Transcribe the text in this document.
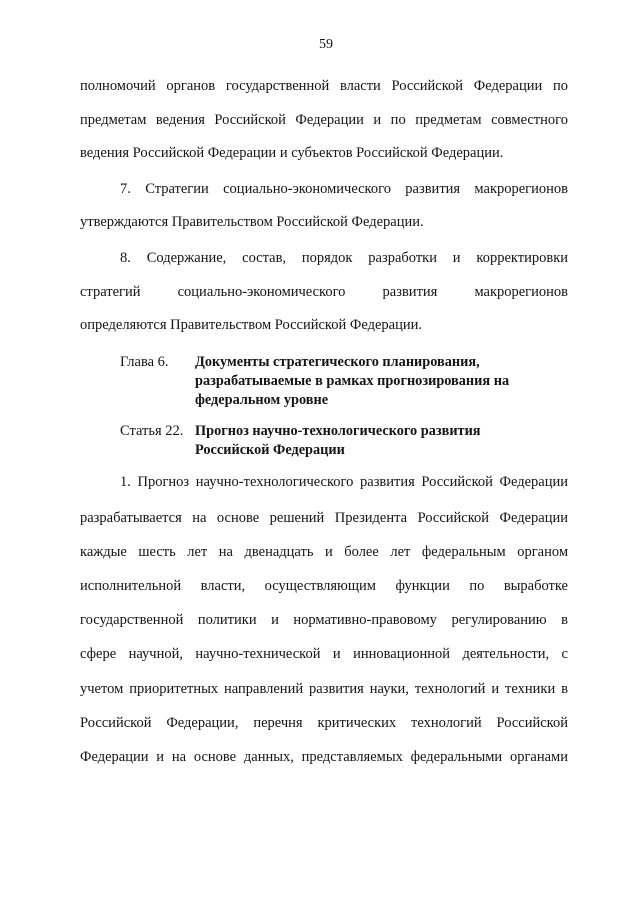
59
полномочий органов государственной власти Российской Федерации по
предметам ведения Российской Федерации и по предметам совместного
ведения Российской Федерации и субъектов Российской Федерации.
7. Стратегии социально-экономического развития макрорегионов
утверждаются Правительством Российской Федерации.
8. Содержание, состав, порядок разработки и корректировки
стратегий социально-экономического развития макрорегионов
определяются Правительством Российской Федерации.
Глава 6. Документы стратегического планирования,
разрабатываемые в рамках прогнозирования на
федеральном уровне
Статья 22. Прогноз научно-технологического развития
Российской Федерации
1. Прогноз научно-технологического развития Российской Федерации
разрабатывается на основе решений Президента Российской Федерации
каждые шесть лет на двенадцать и более лет федеральным органом
исполнительной власти, осуществляющим функции по выработке
государственной политики и нормативно-правовому регулированию в
сфере научной, научно-технической и инновационной деятельности, с
учетом приоритетных направлений развития науки, технологий и техники в
Российской Федерации, перечня критических технологий Российской
Федерации и на основе данных, представляемых федеральными органами
